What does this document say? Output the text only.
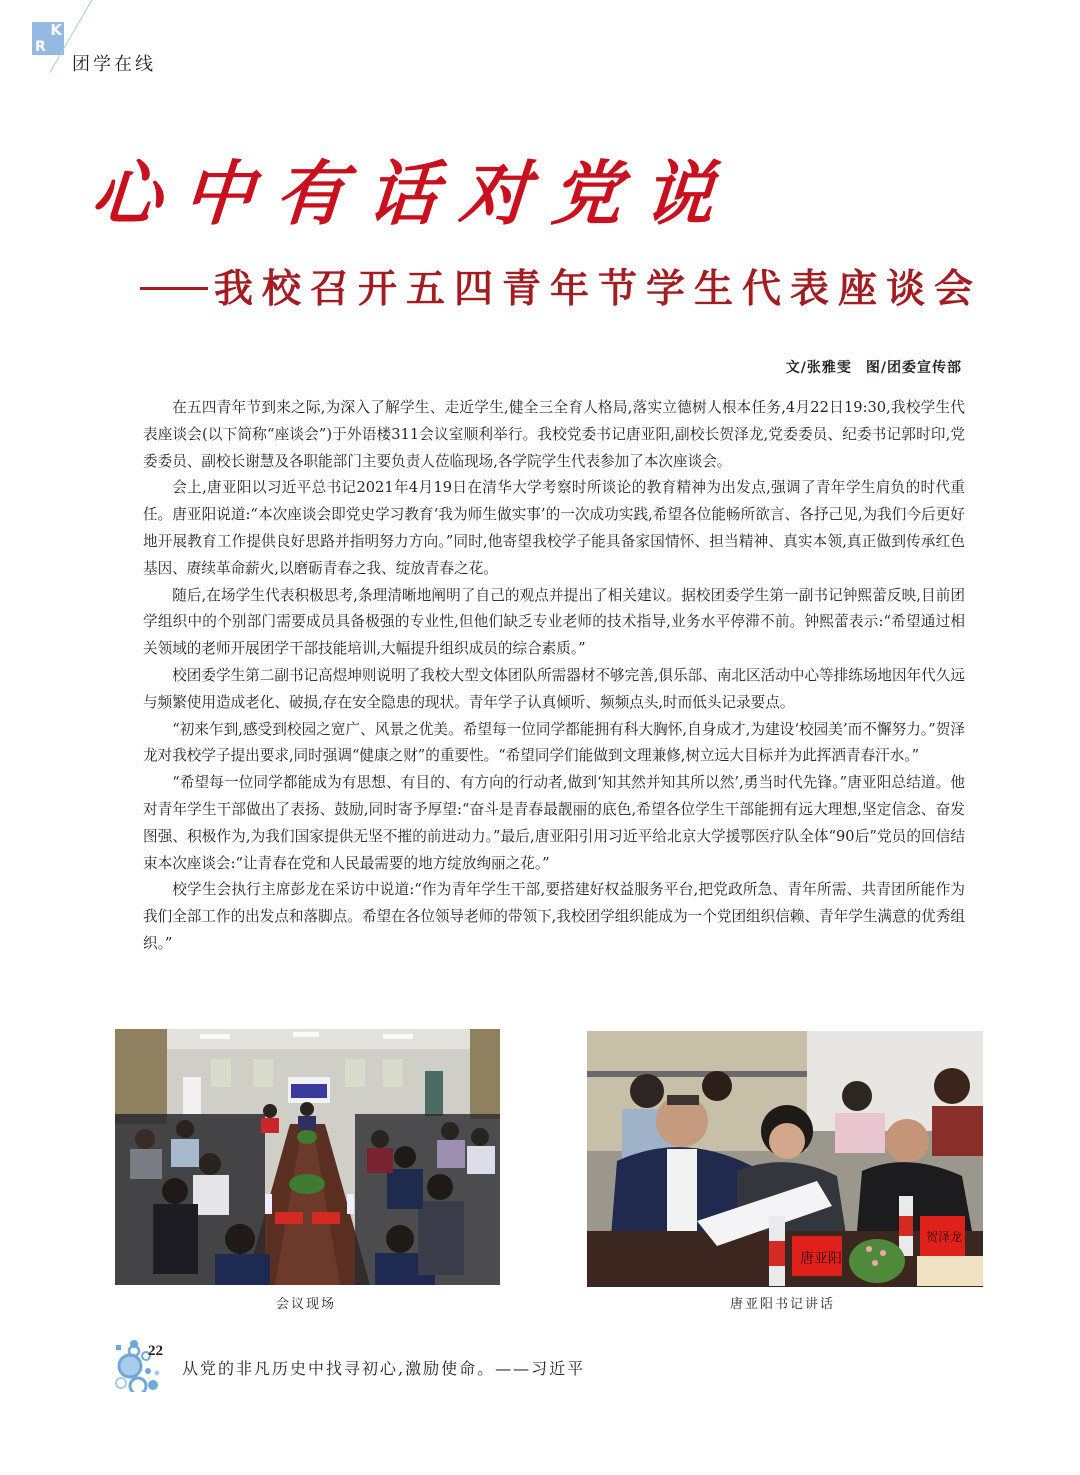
K
R
团学在线
心中有话对党说
我校召开五四青年节学生代表座谈会
文/张雅雯 图/团委宣传部

在五四青年节到来之际,为深入了解学生、走近学生,健全三全育人格局,落实立德树人根本任务,4月22日19:30,我校学生代表座谈会(以下简称“座谈会”)于外语楼311会议室顺利举行。我校党委书记唐亚阳,副校长贺泽龙,党委委员、纪委书记郭时印,党委委员、副校长谢慧及各职能部门主要负责人莅临现场,各学院学生代表参加了本次座谈会。

会上,唐亚阳以习近平总书记2021年4月19日在清华大学考察时所谈论的教育精神为出发点,强调了青年学生肩负的时代重任。唐亚阳说道:“本次座谈会即党史学习教育‘我为师生做实事’的一次成功实践,希望各位能畅所欲言、各抒己见,为我们今后更好地开展教育工作提供良好思路并指明努力方向。”同时,他寄望我校学子能具备家国情怀、担当精神、真实本领,真正做到传承红色基因、赓续革命薪火,以磨砺青春之我、绽放青春之花。

随后,在场学生代表积极思考,条理清晰地阐明了自己的观点并提出了相关建议。据校团委学生第一副书记钟熙蕾反映,目前团学组织中的个别部门需要成员具备极强的专业性,但他们缺乏专业老师的技术指导,业务水平停滞不前。钟熙蕾表示:“希望通过相关领域的老师开展团学干部技能培训,大幅提升组织成员的综合素质。”

校团委学生第二副书记高煜坤则说明了我校大型文体团队所需器材不够完善,俱乐部、南北区活动中心等排练场地因年代久远与频繁使用造成老化、破损,存在安全隐患的现状。青年学子认真倾听、频频点头,时而低头记录要点。

“初来乍到,感受到校园之宽广、风景之优美。希望每一位同学都能拥有科大胸怀,自身成才,为建设‘校园美’而不懈努力。”贺泽龙对我校学子提出要求,同时强调“健康之财”的重要性。“希望同学们能做到文理兼修,树立远大目标并为此挥洒青春汗水。”

“希望每一位同学都能成为有思想、有目的、有方向的行动者,做到‘知其然并知其所以然’,勇当时代先锋。”唐亚阳总结道。他对青年学生干部做出了表扬、鼓励,同时寄予厚望:“奋斗是青春最靓丽的底色,希望各位学生干部能拥有远大理想,坚定信念、奋发图强、积极作为,为我们国家提供无坚不摧的前进动力。”最后,唐亚阳引用习近平给北京大学援鄂医疗队全体“90后”党员的回信结束本次座谈会:“让青春在党和人民最需要的地方绽放绚丽之花。”

校学生会执行主席彭龙在采访中说道:“作为青年学生干部,要搭建好权益服务平台,把党政所急、青年所需、共青团所能作为我们全部工作的出发点和落脚点。希望在各位领导老师的带领下,我校团学组织能成为一个党团组织信赖、青年学生满意的优秀组织。”

会议现场
唐亚阳
贺泽龙
唐亚阳书记讲话
22
从党的非凡历史中找寻初心,激励使命。——习近平
